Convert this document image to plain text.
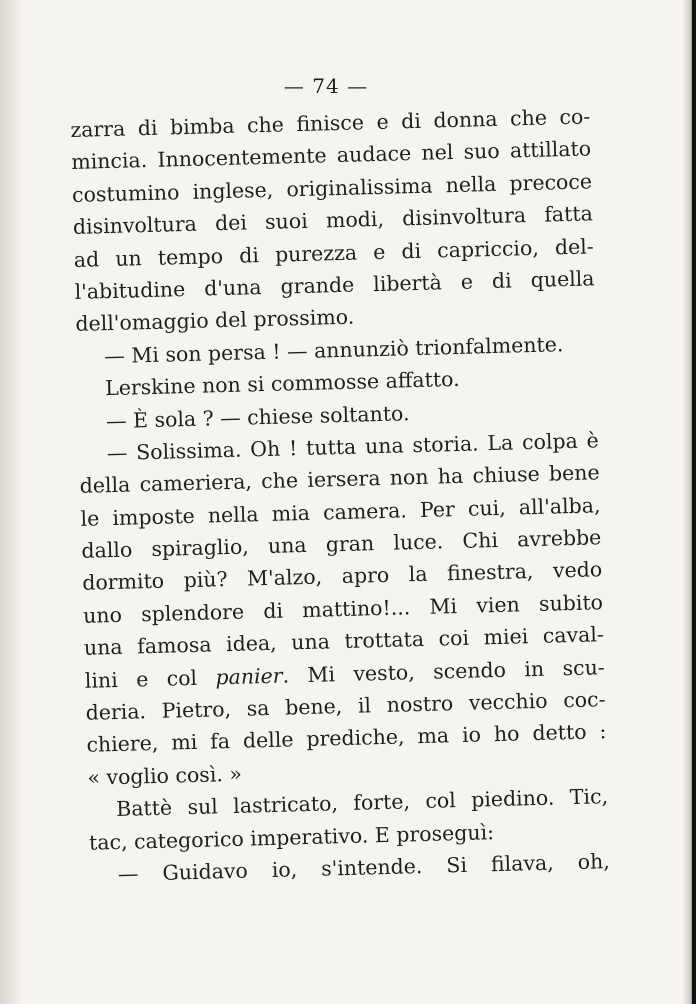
— 74 —
zarra di bimba che finisce e di donna che co-
mincia. Innocentemente audace nel suo attillato
costumino inglese, originalissima nella precoce
disinvoltura dei suoi modi, disinvoltura fatta
ad un tempo di purezza e di capriccio, del-
l'abitudine d'una grande libertà e di quella
dell'omaggio del prossimo.
— Mi son persa ! — annunziò trionfalmente.
Lerskine non si commosse affatto.
— È sola ? — chiese soltanto.
— Solissima. Oh ! tutta una storia. La colpa è
della cameriera, che iersera non ha chiuse bene
le imposte nella mia camera. Per cui, all'alba,
dallo spiraglio, una gran luce. Chi avrebbe
dormito più? M'alzo, apro la finestra, vedo
uno splendore di mattino!... Mi vien subito
una famosa idea, una trottata coi miei caval-
lini e col panier. Mi vesto, scendo in scu-
deria. Pietro, sa bene, il nostro vecchio coc-
chiere, mi fa delle prediche, ma io ho detto :
« voglio così. »
Battè sul lastricato, forte, col piedino. Tic,
tac, categorico imperativo. E proseguì:
— Guidavo io, s'intende. Si filava, oh,
